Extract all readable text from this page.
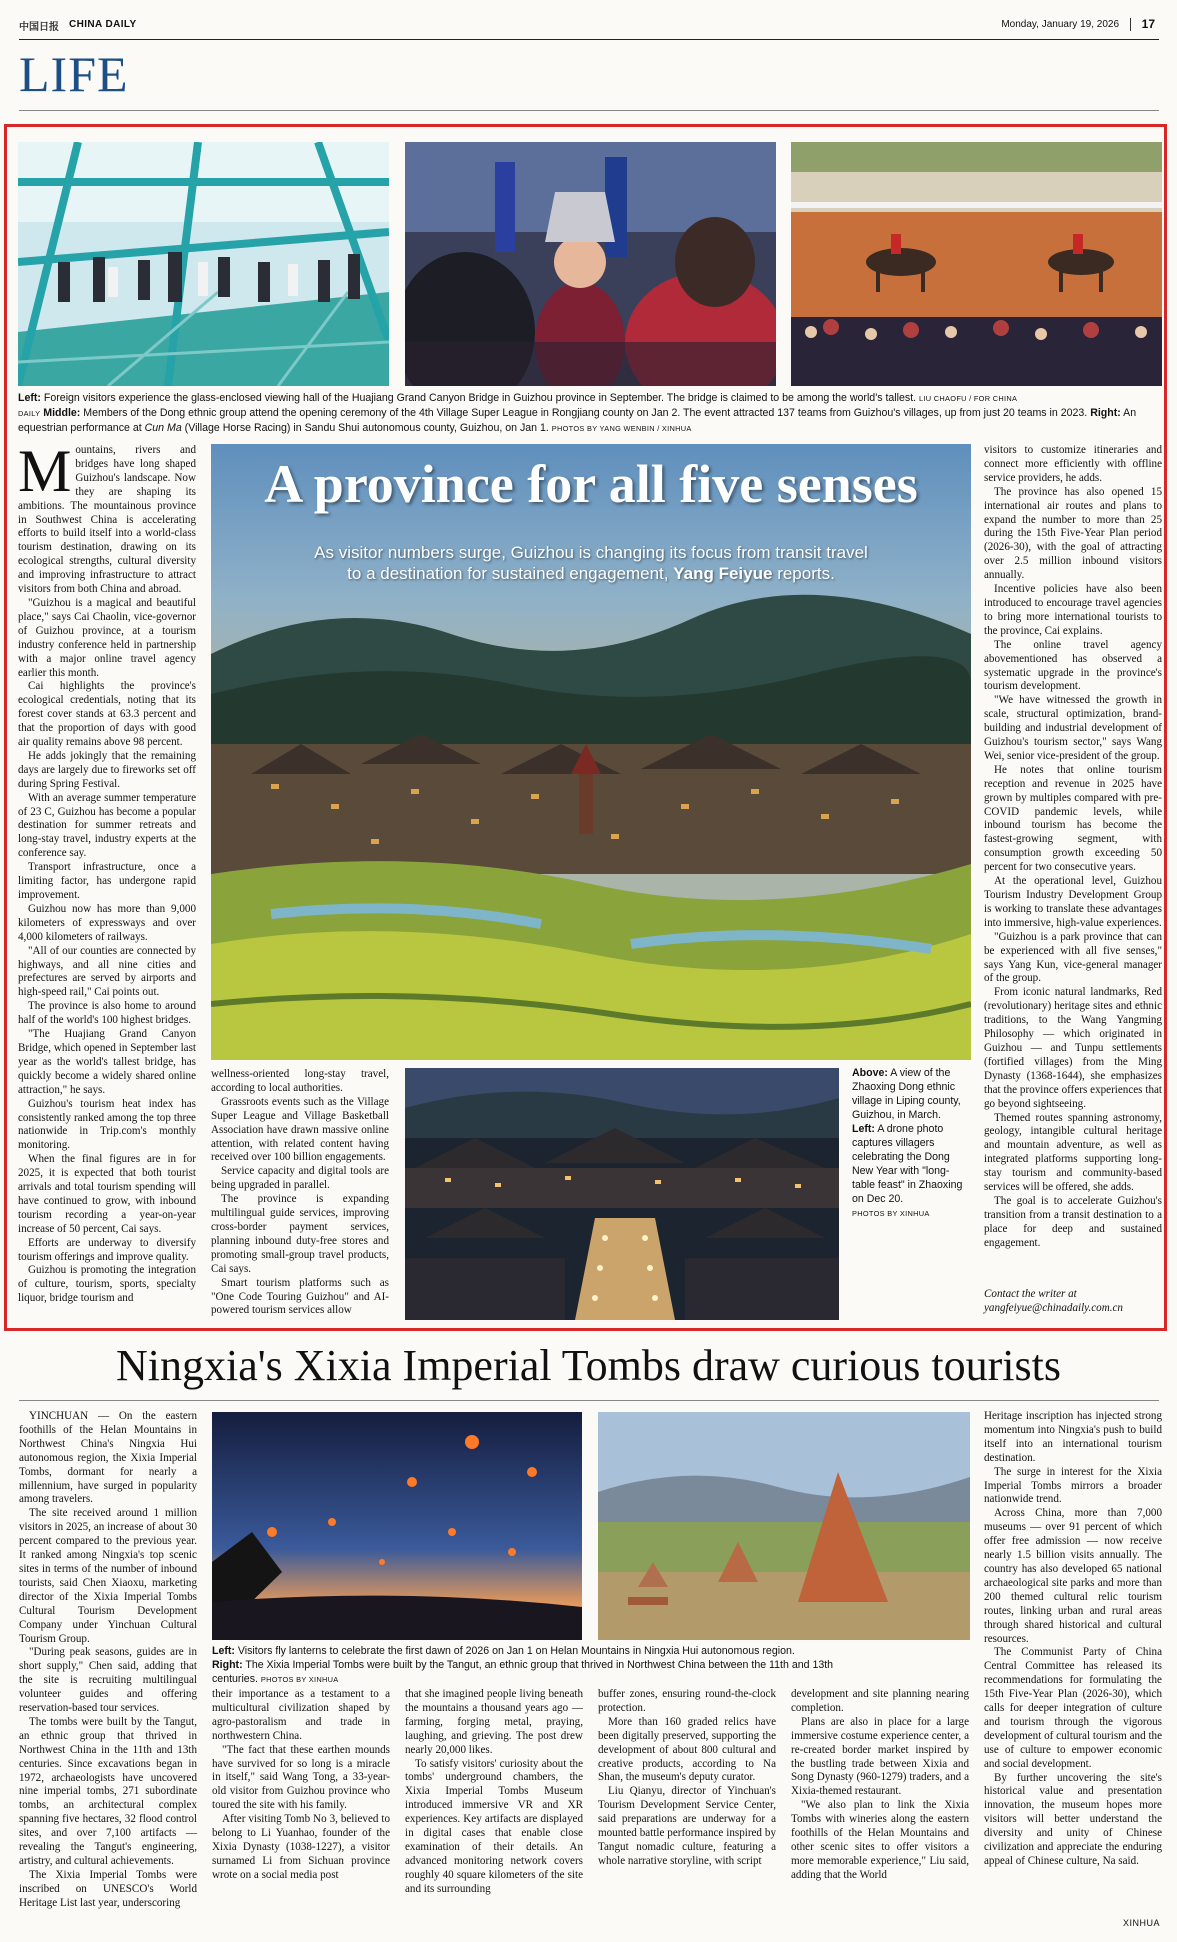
中国日报 CHINA DAILY	Monday, January 19, 2026 17
LIFE
Left: Foreign visitors experience the glass-enclosed viewing hall of the Huajiang Grand Canyon Bridge in Guizhou province in September. The bridge is claimed to be among the world's tallest. LIU CHAOFU / FOR CHINA
DAILY Middle: Members of the Dong ethnic group attend the opening ceremony of the 4th Village Super League in Rongjiang county on Jan 2. The event attracted 137 teams from Guizhou's villages, up from just 20 teams in 2023. Right: An equestrian performance at Cun Ma (Village Horse Racing) in Sandu Shui autonomous county, Guizhou, on Jan 1. PHOTOS BY YANG WENBIN / XINHUA

Mountains, rivers and bridges have long shaped Guizhou's landscape. Now they are shaping its ambitions. The mountainous province in Southwest China is accelerating efforts to build itself into a world-class tourism destination, drawing on its ecological strengths, cultural diversity and improving infrastructure to attract visitors from both China and abroad.

"Guizhou is a magical and beautiful place," says Cai Chaolin, vice-governor of Guizhou province, at a tourism industry conference held in partnership with a major online travel agency earlier this month.

Cai highlights the province's ecological credentials, noting that its forest cover stands at 63.3 percent and that the proportion of days with good air quality remains above 98 percent.

He adds jokingly that the remaining days are largely due to fireworks set off during Spring Festival.

With an average summer temperature of 23 C, Guizhou has become a popular destination for summer retreats and long-stay travel, industry experts at the conference say.

Transport infrastructure, once a limiting factor, has undergone rapid improvement.

Guizhou now has more than 9,000 kilometers of expressways and over 4,000 kilometers of railways.

"All of our counties are connected by highways, and all nine cities and prefectures are served by airports and high-speed rail," Cai points out.

The province is also home to around half of the world's 100 highest bridges.

"The Huajiang Grand Canyon Bridge, which opened in September last year as the world's tallest bridge, has quickly become a widely shared online attraction," he says.

Guizhou's tourism heat index has consistently ranked among the top three nationwide in Trip.com's monthly monitoring.

When the final figures are in for 2025, it is expected that both tourist arrivals and total tourism spending will have continued to grow, with inbound tourism recording a year-on-year increase of 50 percent, Cai says.

Efforts are underway to diversify tourism offerings and improve quality.

Guizhou is promoting the integration of culture, tourism, sports, specialty liquor, bridge tourism and

A province for all five senses
As visitor numbers surge, Guizhou is changing its focus from transit travel
to a destination for sustained engagement, Yang Feiyue reports.

wellness-oriented long-stay travel, according to local authorities.

Grassroots events such as the Village Super League and Village Basketball Association have drawn massive online attention, with related content having received over 100 billion engagements.

Service capacity and digital tools are being upgraded in parallel.

The province is expanding multilingual guide services, improving cross-border payment services, planning inbound duty-free stores and promoting small-group travel products, Cai says.

Smart tourism platforms such as "One Code Touring Guizhou" and AI-powered tourism services allow

Above: A view of the Zhaoxing Dong ethnic village in Liping county, Guizhou, in March.
Left: A drone photo captures villagers celebrating the Dong New Year with "long-table feast" in Zhaoxing on Dec 20.
PHOTOS BY XINHUA

visitors to customize itineraries and connect more efficiently with offline service providers, he adds.

The province has also opened 15 international air routes and plans to expand the number to more than 25 during the 15th Five-Year Plan period (2026-30), with the goal of attracting over 2.5 million inbound visitors annually.

Incentive policies have also been introduced to encourage travel agencies to bring more international tourists to the province, Cai explains.

The online travel agency abovementioned has observed a systematic upgrade in the province's tourism development.

"We have witnessed the growth in scale, structural optimization, brand-building and industrial development of Guizhou's tourism sector," says Wang Wei, senior vice-president of the group.

He notes that online tourism reception and revenue in 2025 have grown by multiples compared with pre-COVID pandemic levels, while inbound tourism has become the fastest-growing segment, with consumption growth exceeding 50 percent for two consecutive years.

At the operational level, Guizhou Tourism Industry Development Group is working to translate these advantages into immersive, high-value experiences.

"Guizhou is a park province that can be experienced with all five senses," says Yang Kun, vice-general manager of the group.

From iconic natural landmarks, Red (revolutionary) heritage sites and ethnic traditions, to the Wang Yangming Philosophy — which originated in Guizhou — and Tunpu settlements (fortified villages) from the Ming Dynasty (1368-1644), she emphasizes that the province offers experiences that go beyond sightseeing.

Themed routes spanning astronomy, geology, intangible cultural heritage and mountain adventure, as well as integrated platforms supporting long-stay tourism and community-based services will be offered, she adds.

The goal is to accelerate Guizhou's transition from a transit destination to a place for deep and sustained engagement.

Contact the writer at
yangfeiyue@chinadaily.com.cn
Ningxia's Xixia Imperial Tombs draw curious tourists

YINCHUAN — On the eastern foothills of the Helan Mountains in Northwest China's Ningxia Hui autonomous region, the Xixia Imperial Tombs, dormant for nearly a millennium, have surged in popularity among travelers.

The site received around 1 million visitors in 2025, an increase of about 30 percent compared to the previous year. It ranked among Ningxia's top scenic sites in terms of the number of inbound tourists, said Chen Xiaoxu, marketing director of the Xixia Imperial Tombs Cultural Tourism Development Company under Yinchuan Cultural Tourism Group.

"During peak seasons, guides are in short supply," Chen said, adding that the site is recruiting multilingual volunteer guides and offering reservation-based tour services.

The tombs were built by the Tangut, an ethnic group that thrived in Northwest China in the 11th and 13th centuries. Since excavations began in 1972, archaeologists have uncovered nine imperial tombs, 271 subordinate tombs, an architectural complex spanning five hectares, 32 flood control sites, and over 7,100 artifacts — revealing the Tangut's engineering, artistry, and cultural achievements.

The Xixia Imperial Tombs were inscribed on UNESCO's World Heritage List last year, underscoring

Left: Visitors fly lanterns to celebrate the first dawn of 2026 on Jan 1 on Helan Mountains in Ningxia Hui autonomous region.
Right: The Xixia Imperial Tombs were built by the Tangut, an ethnic group that thrived in Northwest China between the 11th and 13th
centuries. PHOTOS BY XINHUA

their importance as a testament to a multicultural civilization shaped by agro-pastoralism and trade in northwestern China.

"The fact that these earthen mounds have survived for so long is a miracle in itself," said Wang Tong, a 33-year-old visitor from Guizhou province who toured the site with his family.

After visiting Tomb No 3, believed to belong to Li Yuanhao, founder of the Xixia Dynasty (1038-1227), a visitor surnamed Li from Sichuan province wrote on a social media post

that she imagined people living beneath the mountains a thousand years ago — farming, forging metal, praying, laughing, and grieving. The post drew nearly 20,000 likes.

To satisfy visitors' curiosity about the tombs' underground chambers, the Xixia Imperial Tombs Museum introduced immersive VR and XR experiences. Key artifacts are displayed in digital cases that enable close examination of their details. An advanced monitoring network covers roughly 40 square kilometers of the site and its surrounding

buffer zones, ensuring round-the-clock protection.

More than 160 graded relics have been digitally preserved, supporting the development of about 800 cultural and creative products, according to Na Shan, the museum's deputy curator.

Liu Qianyu, director of Yinchuan's Tourism Development Service Center, said preparations are underway for a mounted battle performance inspired by Tangut nomadic culture, featuring a whole narrative storyline, with script

development and site planning nearing completion.

Plans are also in place for a large immersive costume experience center, a re-created border market inspired by the bustling trade between Xixia and Song Dynasty (960-1279) traders, and a Xixia-themed restaurant.

"We also plan to link the Xixia Tombs with wineries along the eastern foothills of the Helan Mountains and other scenic sites to offer visitors a more memorable experience," Liu said, adding that the World

Heritage inscription has injected strong momentum into Ningxia's push to build itself into an international tourism destination.

The surge in interest for the Xixia Imperial Tombs mirrors a broader nationwide trend.

Across China, more than 7,000 museums — over 91 percent of which offer free admission — now receive nearly 1.5 billion visits annually. The country has also developed 65 national archaeological site parks and more than 200 themed cultural relic tourism routes, linking urban and rural areas through shared historical and cultural resources.

The Communist Party of China Central Committee has released its recommendations for formulating the 15th Five-Year Plan (2026-30), which calls for deeper integration of culture and tourism through the vigorous development of cultural tourism and the use of culture to empower economic and social development.

By further uncovering the site's historical value and presentation innovation, the museum hopes more visitors will better understand the diversity and unity of Chinese civilization and appreciate the enduring appeal of Chinese culture, Na said.

XINHUA
